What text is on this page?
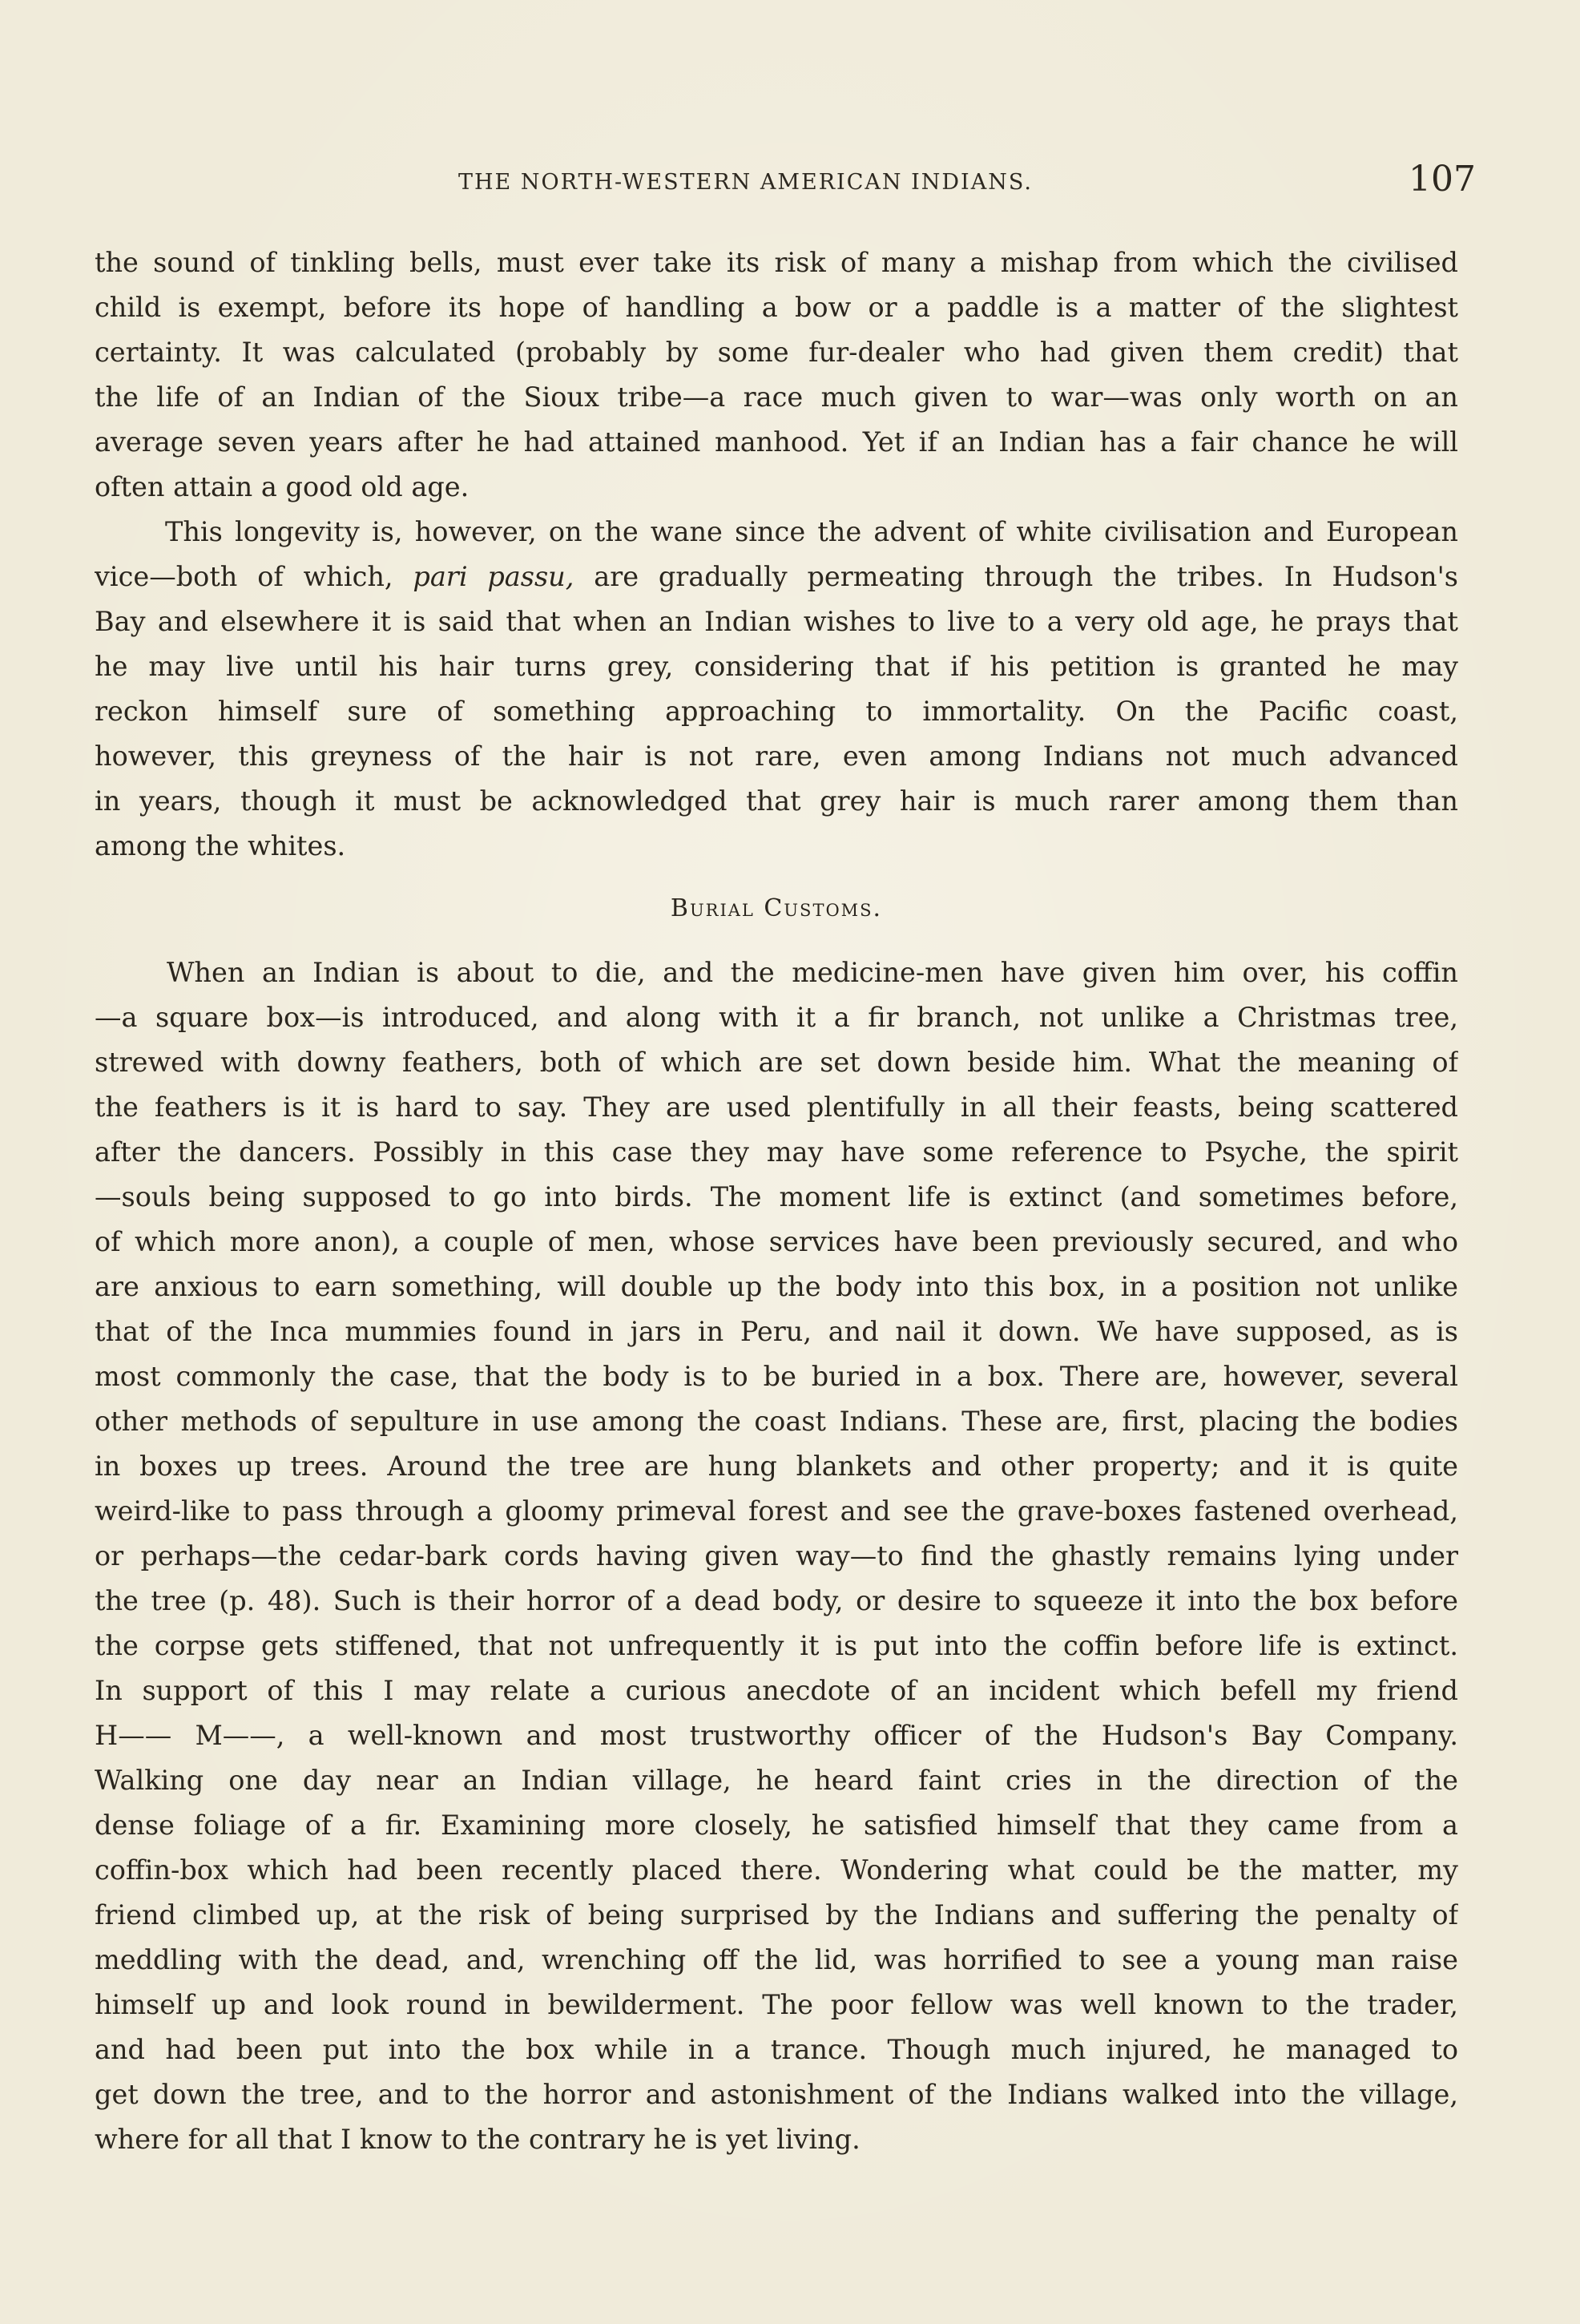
THE NORTH-WESTERN AMERICAN INDIANS.	107
the sound of tinkling bells, must ever take its risk of many a mishap from which the civilised
child is exempt, before its hope of handling a bow or a paddle is a matter of the slightest
certainty. It was calculated (probably by some fur-dealer who had given them credit) that
the life of an Indian of the Sioux tribe—a race much given to war—was only worth on an
average seven years after he had attained manhood. Yet if an Indian has a fair chance he will
often attain a good old age.
This longevity is, however, on the wane since the advent of white civilisation and European
vice—both of which, pari passu, are gradually permeating through the tribes. In Hudson's
Bay and elsewhere it is said that when an Indian wishes to live to a very old age, he prays that
he may live until his hair turns grey, considering that if his petition is granted he may
reckon himself sure of something approaching to immortality. On the Pacific coast,
however, this greyness of the hair is not rare, even among Indians not much advanced
in years, though it must be acknowledged that grey hair is much rarer among them than
among the whites.
Burial Customs.
When an Indian is about to die, and the medicine-men have given him over, his coffin
—a square box—is introduced, and along with it a fir branch, not unlike a Christmas tree,
strewed with downy feathers, both of which are set down beside him. What the meaning of
the feathers is it is hard to say. They are used plentifully in all their feasts, being scattered
after the dancers. Possibly in this case they may have some reference to Psyche, the spirit
—souls being supposed to go into birds. The moment life is extinct (and sometimes before,
of which more anon), a couple of men, whose services have been previously secured, and who
are anxious to earn something, will double up the body into this box, in a position not unlike
that of the Inca mummies found in jars in Peru, and nail it down. We have supposed, as is
most commonly the case, that the body is to be buried in a box. There are, however, several
other methods of sepulture in use among the coast Indians. These are, first, placing the bodies
in boxes up trees. Around the tree are hung blankets and other property; and it is quite
weird-like to pass through a gloomy primeval forest and see the grave-boxes fastened overhead,
or perhaps—the cedar-bark cords having given way—to find the ghastly remains lying under
the tree (p. 48). Such is their horror of a dead body, or desire to squeeze it into the box before
the corpse gets stiffened, that not unfrequently it is put into the coffin before life is extinct.
In support of this I may relate a curious anecdote of an incident which befell my friend
H—— M——, a well-known and most trustworthy officer of the Hudson's Bay Company.
Walking one day near an Indian village, he heard faint cries in the direction of the
dense foliage of a fir. Examining more closely, he satisfied himself that they came from a
coffin-box which had been recently placed there. Wondering what could be the matter, my
friend climbed up, at the risk of being surprised by the Indians and suffering the penalty of
meddling with the dead, and, wrenching off the lid, was horrified to see a young man raise
himself up and look round in bewilderment. The poor fellow was well known to the trader,
and had been put into the box while in a trance. Though much injured, he managed to
get down the tree, and to the horror and astonishment of the Indians walked into the village,
where for all that I know to the contrary he is yet living.
